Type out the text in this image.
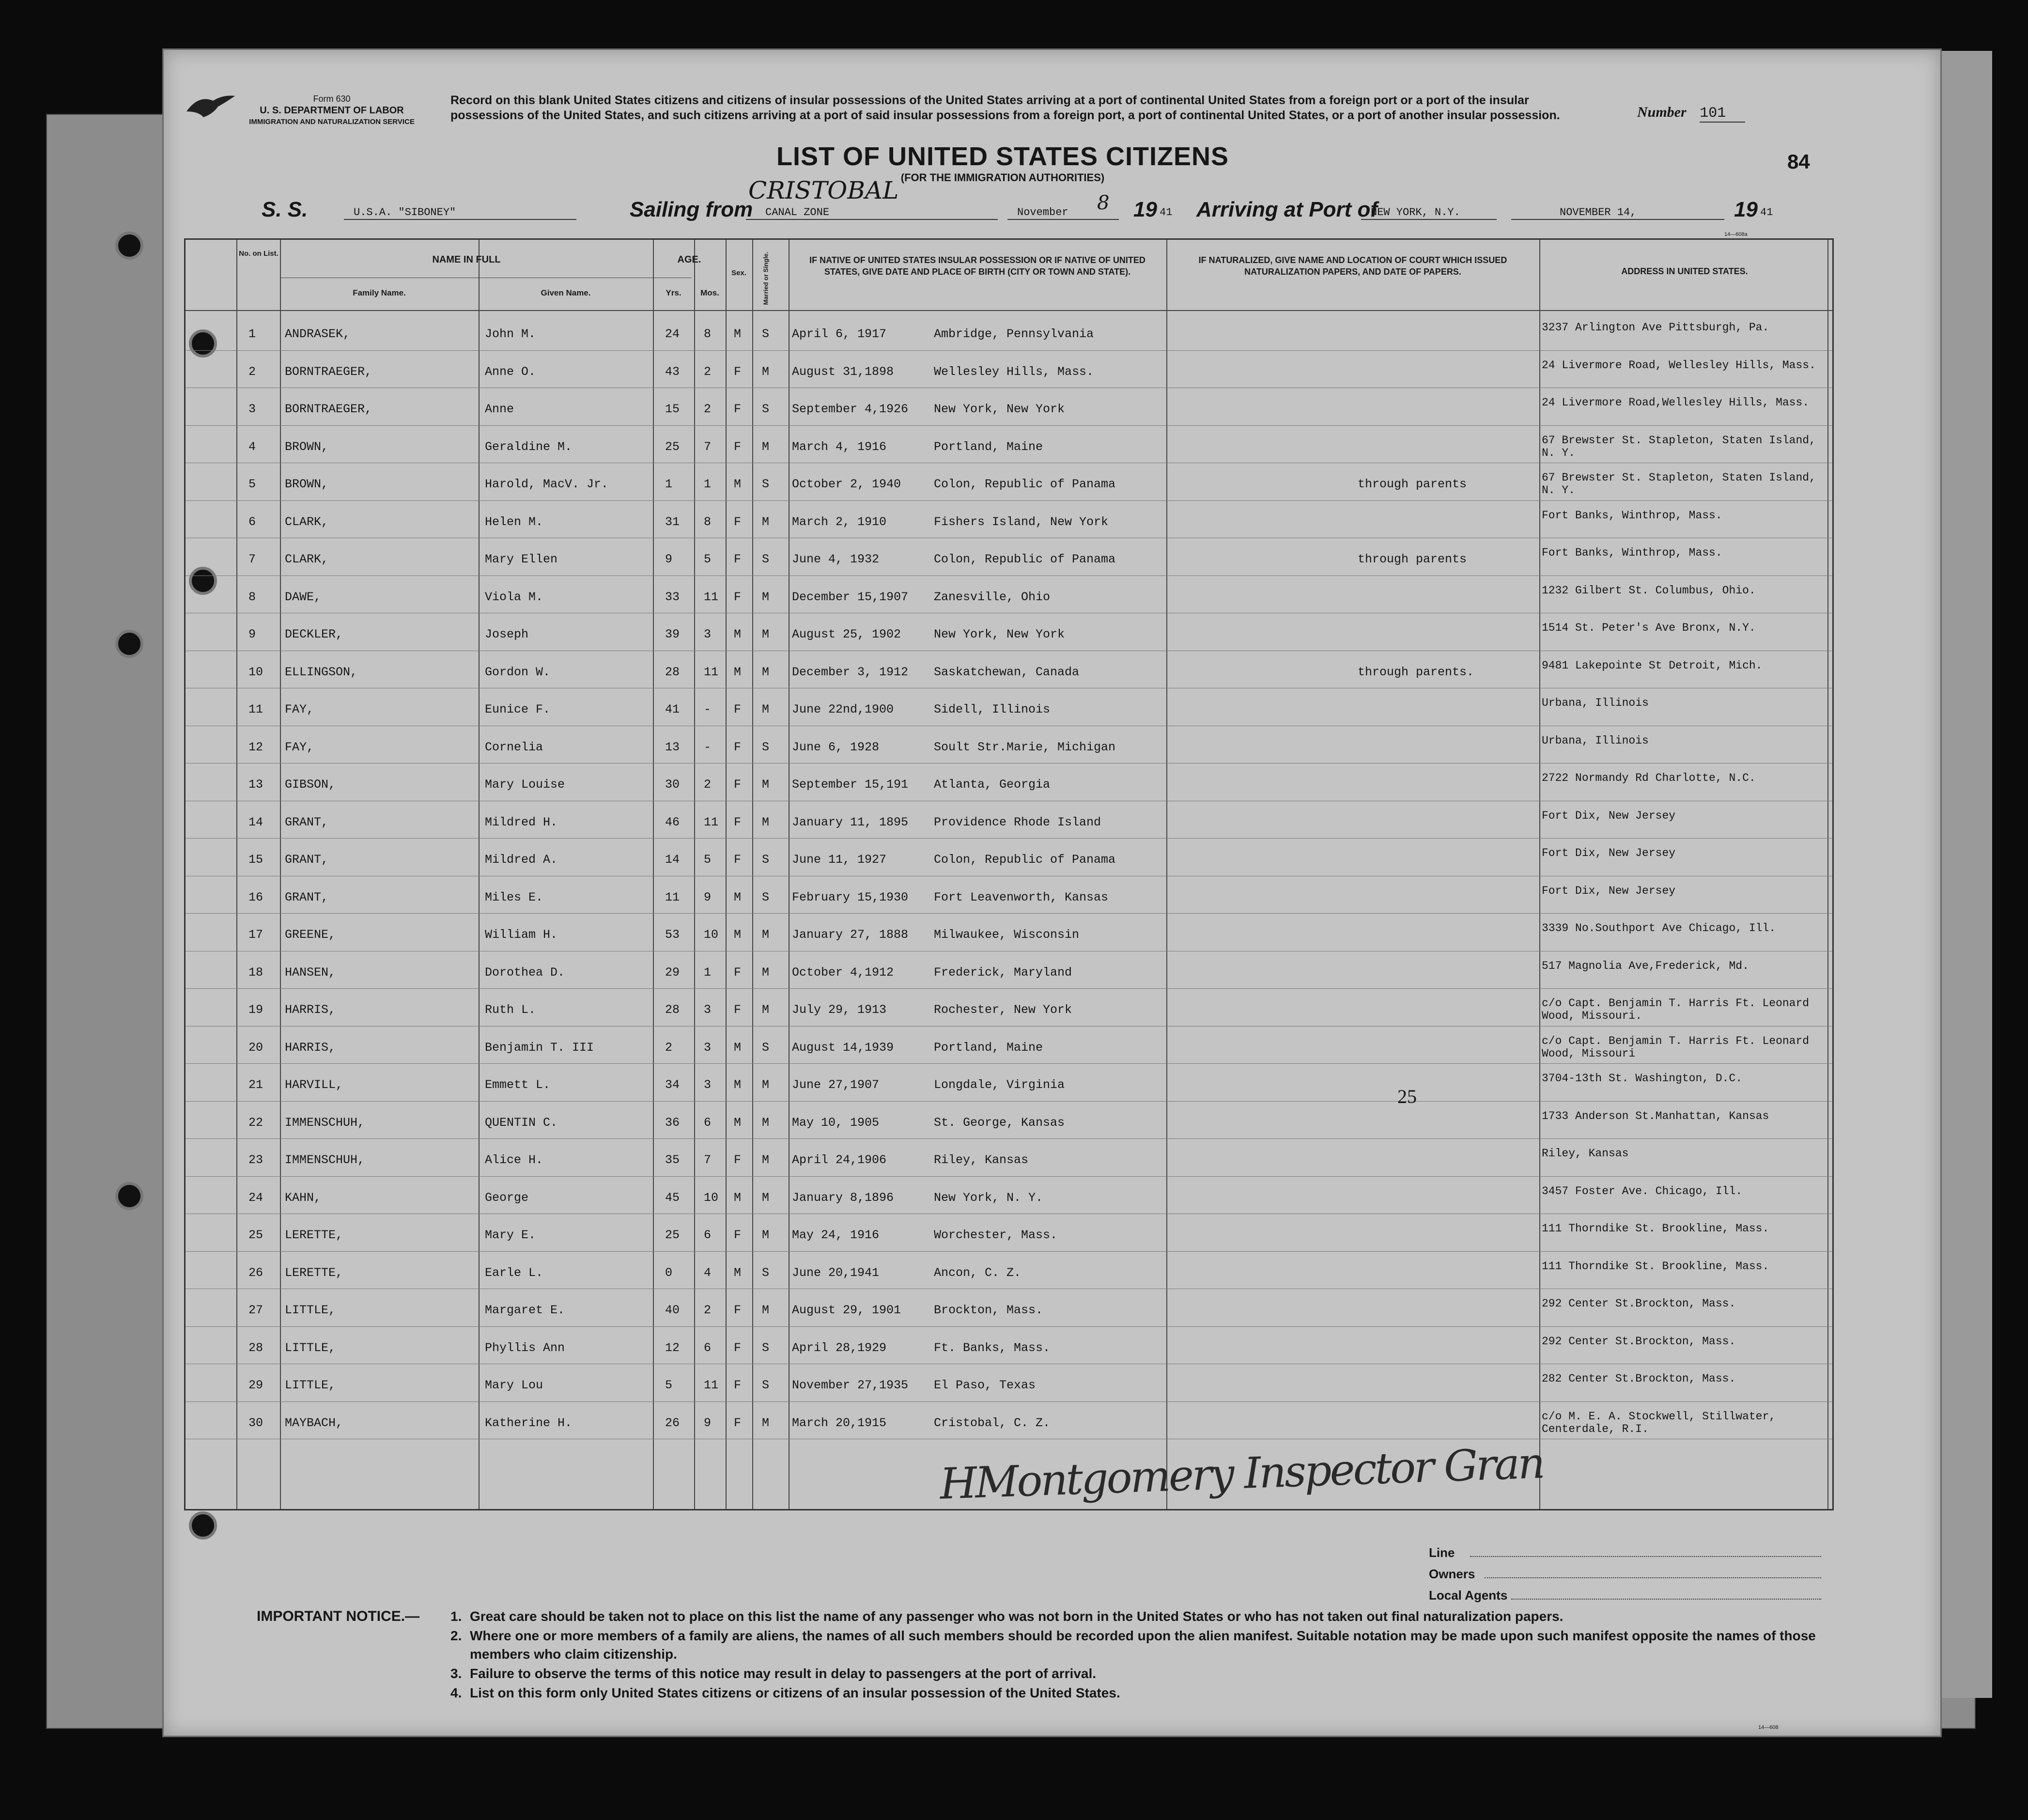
Form 630
U. S. DEPARTMENT OF LABOR
IMMIGRATION AND NATURALIZATION SERVICE
Record on this blank United States citizens and citizens of insular possessions of the United States arriving at a port of continental United States from a foreign port or a port of the insular possessions of the United States, and such citizens arriving at a port of said insular possessions from a foreign port, a port of continental United States, or a port of another insular possession.	Number 101
LIST OF UNITED STATES CITIZENS
(FOR THE IMMIGRATION AUTHORITIES)
84
S. S.	U.S.A. "SIBONEY"	Sailing from
CRISTOBAL
CANAL ZONE	November 8 19 41 Arriving at Port of
NEW YORK, N.Y.	NOVEMBER 14,	19 41
14—608a
No. on List.
NAME IN FULL
Family Name.	Given Name.
AGE.
Yrs.	Mos.
Sex.	Married or Single.	IF NATIVE OF UNITED STATES INSULAR POSSESSION OR IF NATIVE OF UNITED STATES, GIVE DATE AND PLACE OF BIRTH (CITY OR TOWN AND STATE).
IF NATURALIZED, GIVE NAME AND LOCATION OF COURT WHICH ISSUED NATURALIZATION PAPERS, AND DATE OF PAPERS.	ADDRESS IN UNITED STATES.
1 ANDRASEK,	John M.	24 8 M S April 6, 1917	Ambridge, Pennsylvania	3237 Arlington Ave Pittsburgh, Pa.
2 BORNTRAEGER,	Anne O.	43 2 F M August 31,1898	Wellesley Hills, Mass.	24 Livermore Road, Wellesley Hills, Mass.
3 BORNTRAEGER,	Anne	15 2 F S September 4,1926 New York, New York	24 Livermore Road,Wellesley Hills, Mass.
4 BROWN,	Geraldine M.	25 7 F M March 4, 1916	Portland, Maine	67 Brewster St. Stapleton, Staten Island, N. Y.
5 BROWN,	Harold, MacV. Jr.	1	1 M S October 2, 1940	Colon, Republic of Panama	through parents	67 Brewster St. Stapleton, Staten Island, N. Y.
6 CLARK,	Helen M.	31 8 F M March 2, 1910	Fishers Island, New York	Fort Banks, Winthrop, Mass.
7 CLARK,	Mary Ellen	9	5 F S June 4, 1932	Colon, Republic of Panama	through parents	Fort Banks, Winthrop, Mass.
8 DAWE,	Viola M.	33 11 F M December 15,1907 Zanesville, Ohio	1232 Gilbert St. Columbus, Ohio.
9 DECKLER,	Joseph	39 3 M M August 25, 1902	New York, New York	1514 St. Peter's Ave Bronx, N.Y.
10 ELLINGSON,	Gordon W.	28 11 M M December 3, 1912 Saskatchewan, Canada	through parents.	9481 Lakepointe St Detroit, Mich.
11 FAY,	Eunice F.	41 - F M June 22nd,1900	Sidell, Illinois	Urbana, Illinois
12 FAY,	Cornelia	13 - F S June 6, 1928	Soult Str.Marie, Michigan	Urbana, Illinois
13 GIBSON,	Mary Louise	30 2 F M September 15,191 Atlanta, Georgia	2722 Normandy Rd Charlotte, N.C.
14 GRANT,	Mildred H.	46 11 F M January 11, 1895 Providence Rhode Island	Fort Dix, New Jersey
15 GRANT,	Mildred A.	14 5 F S June 11, 1927	Colon, Republic of Panama	Fort Dix, New Jersey
16 GRANT,	Miles E.	11 9 M S February 15,1930 Fort Leavenworth, Kansas	Fort Dix, New Jersey
17 GREENE,	William H.	53 10 M M January 27, 1888 Milwaukee, Wisconsin	3339 No.Southport Ave Chicago, Ill.
18 HANSEN,	Dorothea D.	29 1 F M October 4,1912	Frederick, Maryland	517 Magnolia Ave,Frederick, Md.
19 HARRIS,	Ruth L.	28 3 F M July 29, 1913	Rochester, New York	c/o Capt. Benjamin T. Harris Ft. Leonard Wood, Missouri.
20 HARRIS,	Benjamin T. III	2	3 M S August 14,1939	Portland, Maine	c/o Capt. Benjamin T. Harris Ft. Leonard Wood, Missouri
21 HARVILL,	Emmett L.	34 3 M M June 27,1907	Longdale, Virginia	3704-13th St. Washington, D.C.
22 IMMENSCHUH,	QUENTIN C.	36 6 M M May 10, 1905	St. George, Kansas	1733 Anderson St.Manhattan, Kansas
23 IMMENSCHUH,	Alice H.	35 7 F M April 24,1906	Riley, Kansas	Riley, Kansas
24 KAHN,	George	45 10 M M January 8,1896	New York, N. Y.	3457 Foster Ave. Chicago, Ill.
25 LERETTE,	Mary E.	25 6 F M May 24, 1916	Worchester, Mass.	111 Thorndike St. Brookline, Mass.
26 LERETTE,	Earle L.	0	4 M S June 20,1941	Ancon, C. Z.	111 Thorndike St. Brookline, Mass.
27 LITTLE,	Margaret E.	40 2 F M August 29, 1901	Brockton, Mass.	292 Center St.Brockton, Mass.
28 LITTLE,	Phyllis Ann	12 6 F S April 28,1929	Ft. Banks, Mass.	292 Center St.Brockton, Mass.
29 LITTLE,	Mary Lou	5	11 F S November 27,1935 El Paso, Texas	282 Center St.Brockton, Mass.
30 MAYBACH,	Katherine H.	26 9 F M March 20,1915	Cristobal, C. Z.	c/o M. E. A. Stockwell, Stillwater, Centerdale, R.I.
25
HMontgomery Inspector Gran
Line
Owners
Local Agents
IMPORTANT NOTICE.— 1. Great care should be taken not to place on this list the name of any passenger who was not born in the United States or who has not taken out final naturalization papers.
2. Where one or more members of a family are aliens, the names of all such members should be recorded upon the alien manifest. Suitable notation may be made upon such manifest opposite the names of those members who claim citizenship.
3. Failure to observe the terms of this notice may result in delay to passengers at the port of arrival.
4. List on this form only United States citizens or citizens of an insular possession of the United States.
14—608
